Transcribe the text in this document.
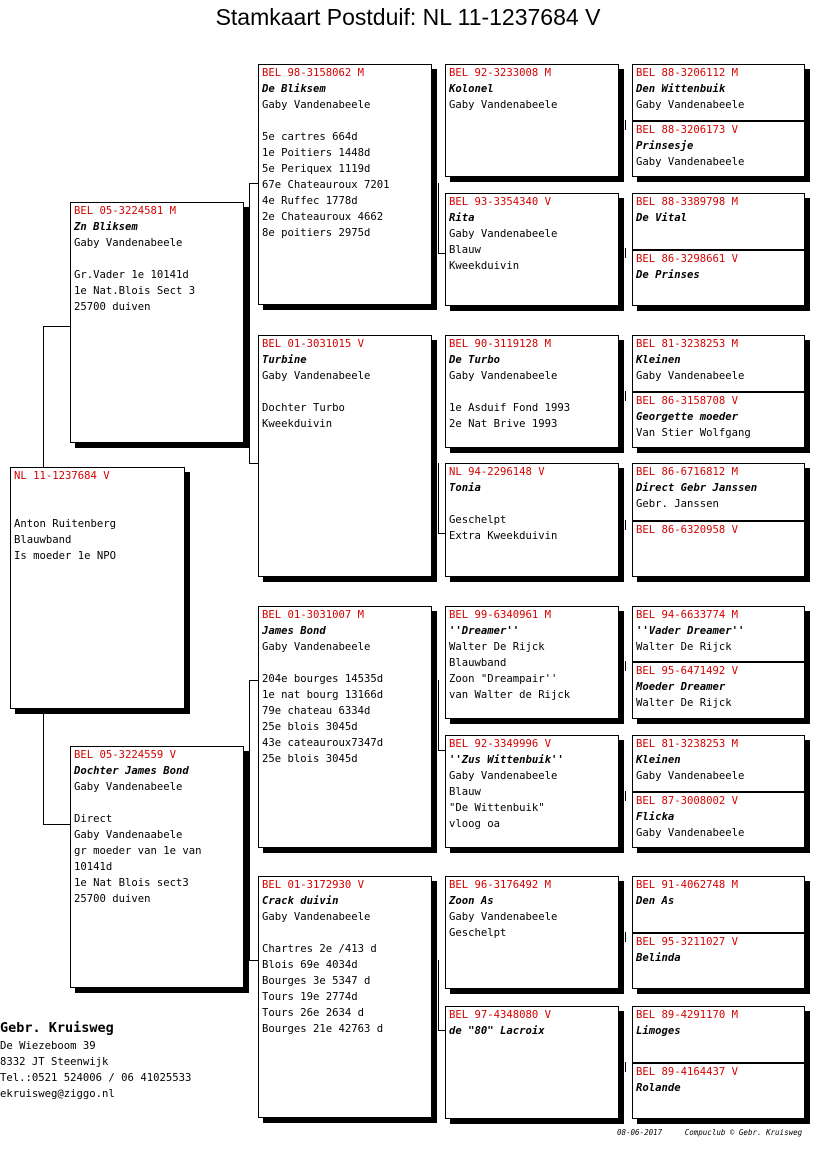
Stamkaart Postduif: NL 11-1237684 V
NL 11-1237684 V
Anton Ruitenberg
Blauwband
Is moeder 1e NPO
BEL 05-3224581 M
Zn Bliksem
Gaby Vandenabeele
Gr.Vader 1e 10141d
1e Nat.Blois Sect 3
25700 duiven
BEL 05-3224559 V
Dochter James Bond
Gaby Vandenabeele
Direct
Gaby Vandenaabele
gr moeder van 1e van
10141d
1e Nat Blois sect3
25700 duiven
BEL 98-3158062 M
De Bliksem
Gaby Vandenabeele
5e cartres 664d
1e Poitiers 1448d
5e Periquex 1119d
67e Chateauroux 7201
4e Ruffec 1778d
2e Chateauroux 4662
8e poitiers 2975d
BEL 01-3031015 V
Turbine
Gaby Vandenabeele
Dochter Turbo
Kweekduivin
BEL 01-3031007 M
James Bond
Gaby Vandenabeele
204e bourges 14535d
1e nat bourg 13166d
79e chateau 6334d
25e blois 3045d
43e cateauroux7347d
25e blois 3045d
BEL 01-3172930 V
Crack duivin
Gaby Vandenabeele
Chartres 2e /413 d
Blois 69e 4034d
Bourges 3e 5347 d
Tours 19e 2774d
Tours 26e 2634 d
Bourges 21e 42763 d
BEL 92-3233008 M
Kolonel
Gaby Vandenabeele
BEL 93-3354340 V
Rita
Gaby Vandenabeele
Blauw
Kweekduivin
BEL 90-3119128 M
De Turbo
Gaby Vandenabeele
1e Asduif Fond 1993
2e Nat Brive 1993
NL 94-2296148 V
Tonia
Geschelpt
Extra Kweekduivin
BEL 99-6340961 M
''Dreamer''
Walter De Rijck
Blauwband
Zoon "Dreampair''
van Walter de Rijck
BEL 92-3349996 V
''Zus Wittenbuik''
Gaby Vandenabeele
Blauw
"De Wittenbuik"
vloog oa
BEL 96-3176492 M
Zoon As
Gaby Vandenabeele
Geschelpt
BEL 97-4348080 V
de "80" Lacroix
BEL 88-3206112 M
Den Wittenbuik
Gaby Vandenabeele
BEL 88-3206173 V
Prinsesje
Gaby Vandenabeele
BEL 88-3389798 M
De Vital
BEL 86-3298661 V
De Prinses
BEL 81-3238253 M
Kleinen
Gaby Vandenabeele
BEL 86-3158708 V
Georgette moeder
Van Stier Wolfgang
BEL 86-6716812 M
Direct Gebr Janssen
Gebr. Janssen
BEL 86-6320958 V
BEL 94-6633774 M
''Vader Dreamer''
Walter De Rijck
BEL 95-6471492 V
Moeder Dreamer
Walter De Rijck
BEL 81-3238253 M
Kleinen
Gaby Vandenabeele
BEL 87-3008002 V
Flicka
Gaby Vandenabeele
BEL 91-4062748 M
Den As
BEL 95-3211027 V
Belinda
BEL 89-4291170 M
Limoges
BEL 89-4164437 V
Rolande
Gebr. Kruisweg
De Wiezeboom 39
8332 JT Steenwijk
Tel.:0521 524006 / 06 41025533
ekruisweg@ziggo.nl
08-06-2017	Compuclub © Gebr. Kruisweg
